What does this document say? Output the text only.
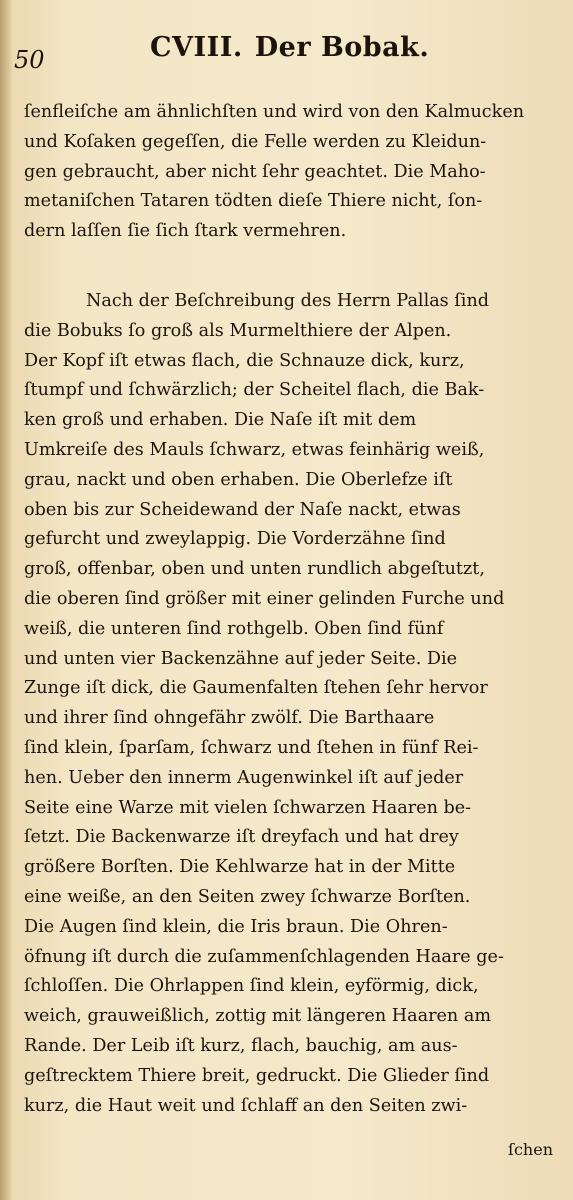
50	CVIII. Der Bobak.
ſenfleiſche am ähnlichſten und wird von den Kalmucken
und Koſaken gegeſſen, die Felle werden zu Kleidun-
gen gebraucht, aber nicht ſehr geachtet. Die Maho-
metaniſchen Tataren tödten dieſe Thiere nicht, ſon-
dern laſſen ſie ſich ſtark vermehren.
Nach der Beſchreibung des Herrn Pallas ſind
die Bobuks ſo groß als Murmelthiere der Alpen.
Der Kopf iſt etwas flach, die Schnauze dick, kurz,
ſtumpf und ſchwärzlich; der Scheitel flach, die Bak-
ken groß und erhaben. Die Naſe iſt mit dem
Umkreiſe des Mauls ſchwarz, etwas feinhärig weiß,
grau, nackt und oben erhaben. Die Oberlefze iſt
oben bis zur Scheidewand der Naſe nackt, etwas
gefurcht und zweylappig. Die Vorderzähne ſind
groß, offenbar, oben und unten rundlich abgeſtutzt,
die oberen ſind größer mit einer gelinden Furche und
weiß, die unteren ſind rothgelb. Oben ſind fünf
und unten vier Backenzähne auf jeder Seite. Die
Zunge iſt dick, die Gaumenfalten ſtehen ſehr hervor
und ihrer ſind ohngefähr zwölf. Die Barthaare
ſind klein, ſparſam, ſchwarz und ſtehen in fünf Rei-
hen. Ueber den innerm Augenwinkel iſt auf jeder
Seite eine Warze mit vielen ſchwarzen Haaren be-
ſetzt. Die Backenwarze iſt dreyfach und hat drey
größere Borſten. Die Kehlwarze hat in der Mitte
eine weiße, an den Seiten zwey ſchwarze Borſten.
Die Augen ſind klein, die Iris braun. Die Ohren-
öfnung iſt durch die zuſammenſchlagenden Haare ge-
ſchloſſen. Die Ohrlappen ſind klein, eyförmig, dick,
weich, grauweißlich, zottig mit längeren Haaren am
Rande. Der Leib iſt kurz, flach, bauchig, am aus-
geſtrecktem Thiere breit, gedruckt. Die Glieder ſind
kurz, die Haut weit und ſchlaff an den Seiten zwi-
ſchen
